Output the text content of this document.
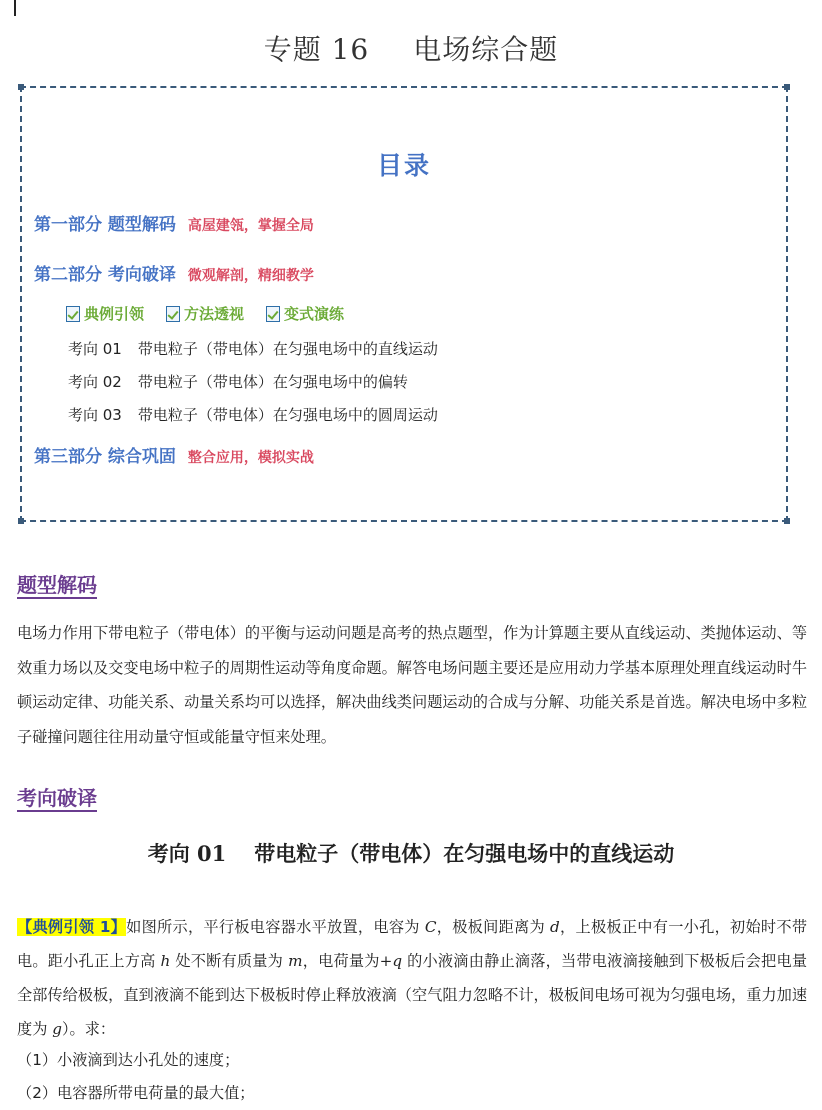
专题 16 电场综合题
目录
第一部分 题型解码 高屋建瓴，掌握全局
第二部分 考向破译 微观解剖，精细教学
典例引领	方法透视	变式演练
考向 01 带电粒子（带电体）在匀强电场中的直线运动
考向 02 带电粒子（带电体）在匀强电场中的偏转
考向 03 带电粒子（带电体）在匀强电场中的圆周运动
第三部分 综合巩固 整合应用，模拟实战
题型解码
电场力作用下带电粒子（带电体）的平衡与运动问题是高考的热点题型，作为计算题主要从直线运动、类抛体运动、等效重力场以及交变电场中粒子的周期性运动等角度命题。解答电场问题主要还是应用动力学基本原理处理直线运动时牛顿运动定律、功能关系、动量关系均可以选择，解决曲线类问题运动的合成与分解、功能关系是首选。解决电场中多粒子碰撞问题往往用动量守恒或能量守恒来处理。
考向破译
考向 01 带电粒子（带电体）在匀强电场中的直线运动
【典例引领 1】如图所示，平行板电容器水平放置，电容为 C，极板间距离为 d，上极板正中有一小孔，初始时不带电。距小孔正上方高 h 处不断有质量为 m，电荷量为+q 的小液滴由静止滴落，当带电液滴接触到下极板后会把电量全部传给极板，直到液滴不能到达下极板时停止释放液滴（空气阻力忽略不计，极板间电场可视为匀强电场，重力加速度为 g）。求：
（1）小液滴到达小孔处的速度；
（2）电容器所带电荷量的最大值；
